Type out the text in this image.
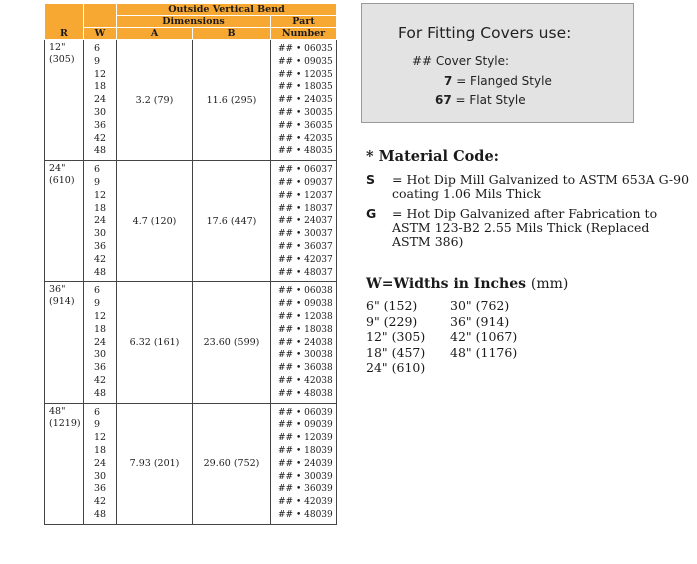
R		Outside Vertical Bend		
		Dimensions		Part
	W	A	B	Number

12"
(305)	6	3.2 (79)	11.6 (295)	## • 06035
	9			## • 09035
	12			## • 12035
	18			## • 18035
	24			## • 24035
	30			## • 30035
	36			## • 36035
	42			## • 42035
	48			## • 48035

24"
(610)	6	4.7 (120)	17.6 (447)	## • 06037
	9			## • 09037
	12			## • 12037
	18			## • 18037
	24			## • 24037
	30			## • 30037
	36			## • 36037
	42			## • 42037
	48			## • 48037

36"
(914)	6	6.32 (161)	23.60 (599)	## • 06038
	9			## • 09038
	12			## • 12038
	18			## • 18038
	24			## • 24038
	30			## • 30038
	36			## • 36038
	42			## • 42038
	48			## • 48038

48"
(1219)	6	7.93 (201)	29.60 (752)	## • 06039
	9			## • 09039
	12			## • 12039
	18			## • 18039
	24			## • 24039
	30			## • 30039
	36			## • 36039
	42			## • 42039
	48			## • 48039
For Fitting Covers use:
## Cover Style:
7 = Flanged Style
67 = Flat Style
* Material Code:
S = Hot Dip Mill Galvanized to ASTM 653A G-90 coating 1.06 Mils Thick
G = Hot Dip Galvanized after Fabrication to ASTM 123-B2 2.55 Mils Thick (Replaced ASTM 386)
W=Widths in Inches (mm)
6" (152)	30" (762)
9" (229)	36" (914)
12" (305)	42" (1067)
18" (457)	48" (1176)
24" (610)
